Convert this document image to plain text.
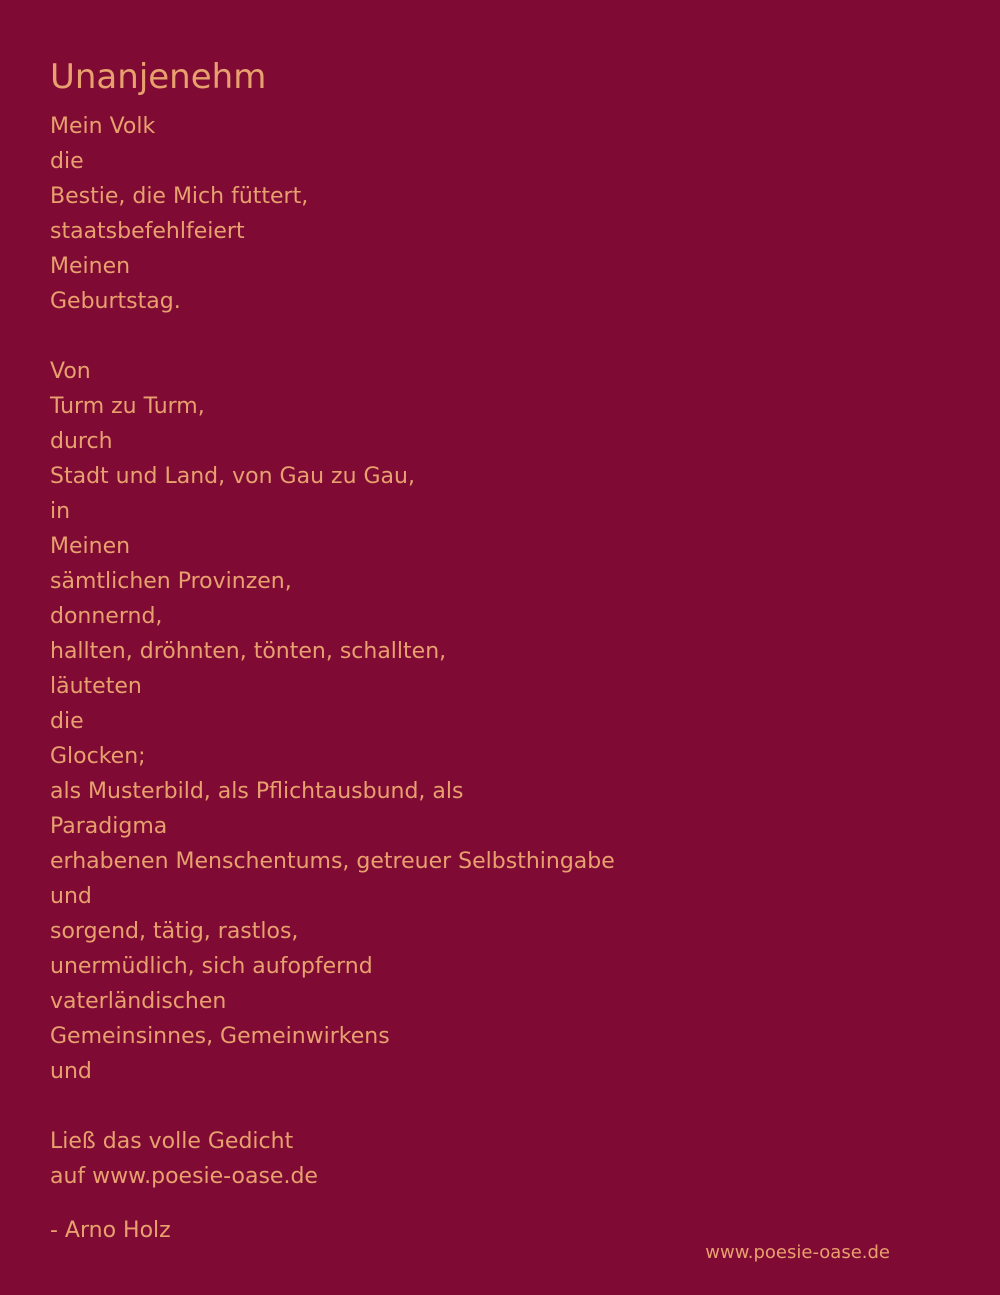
Unanjenehm
Mein Volk
die
Bestie, die Mich füttert,
staatsbefehlfeiert
Meinen
Geburtstag.
Von
Turm zu Turm,
durch
Stadt und Land, von Gau zu Gau,
in
Meinen
sämtlichen Provinzen,
donnernd,
hallten, dröhnten, tönten, schallten,
läuteten
die
Glocken;
als Musterbild, als Pflichtausbund, als
Paradigma
erhabenen Menschentums, getreuer Selbsthingabe
und
sorgend, tätig, rastlos,
unermüdlich, sich aufopfernd
vaterländischen
Gemeinsinnes, Gemeinwirkens
und
Ließ das volle Gedicht
auf www.poesie-oase.de
- Arno Holz
www.poesie-oase.de
